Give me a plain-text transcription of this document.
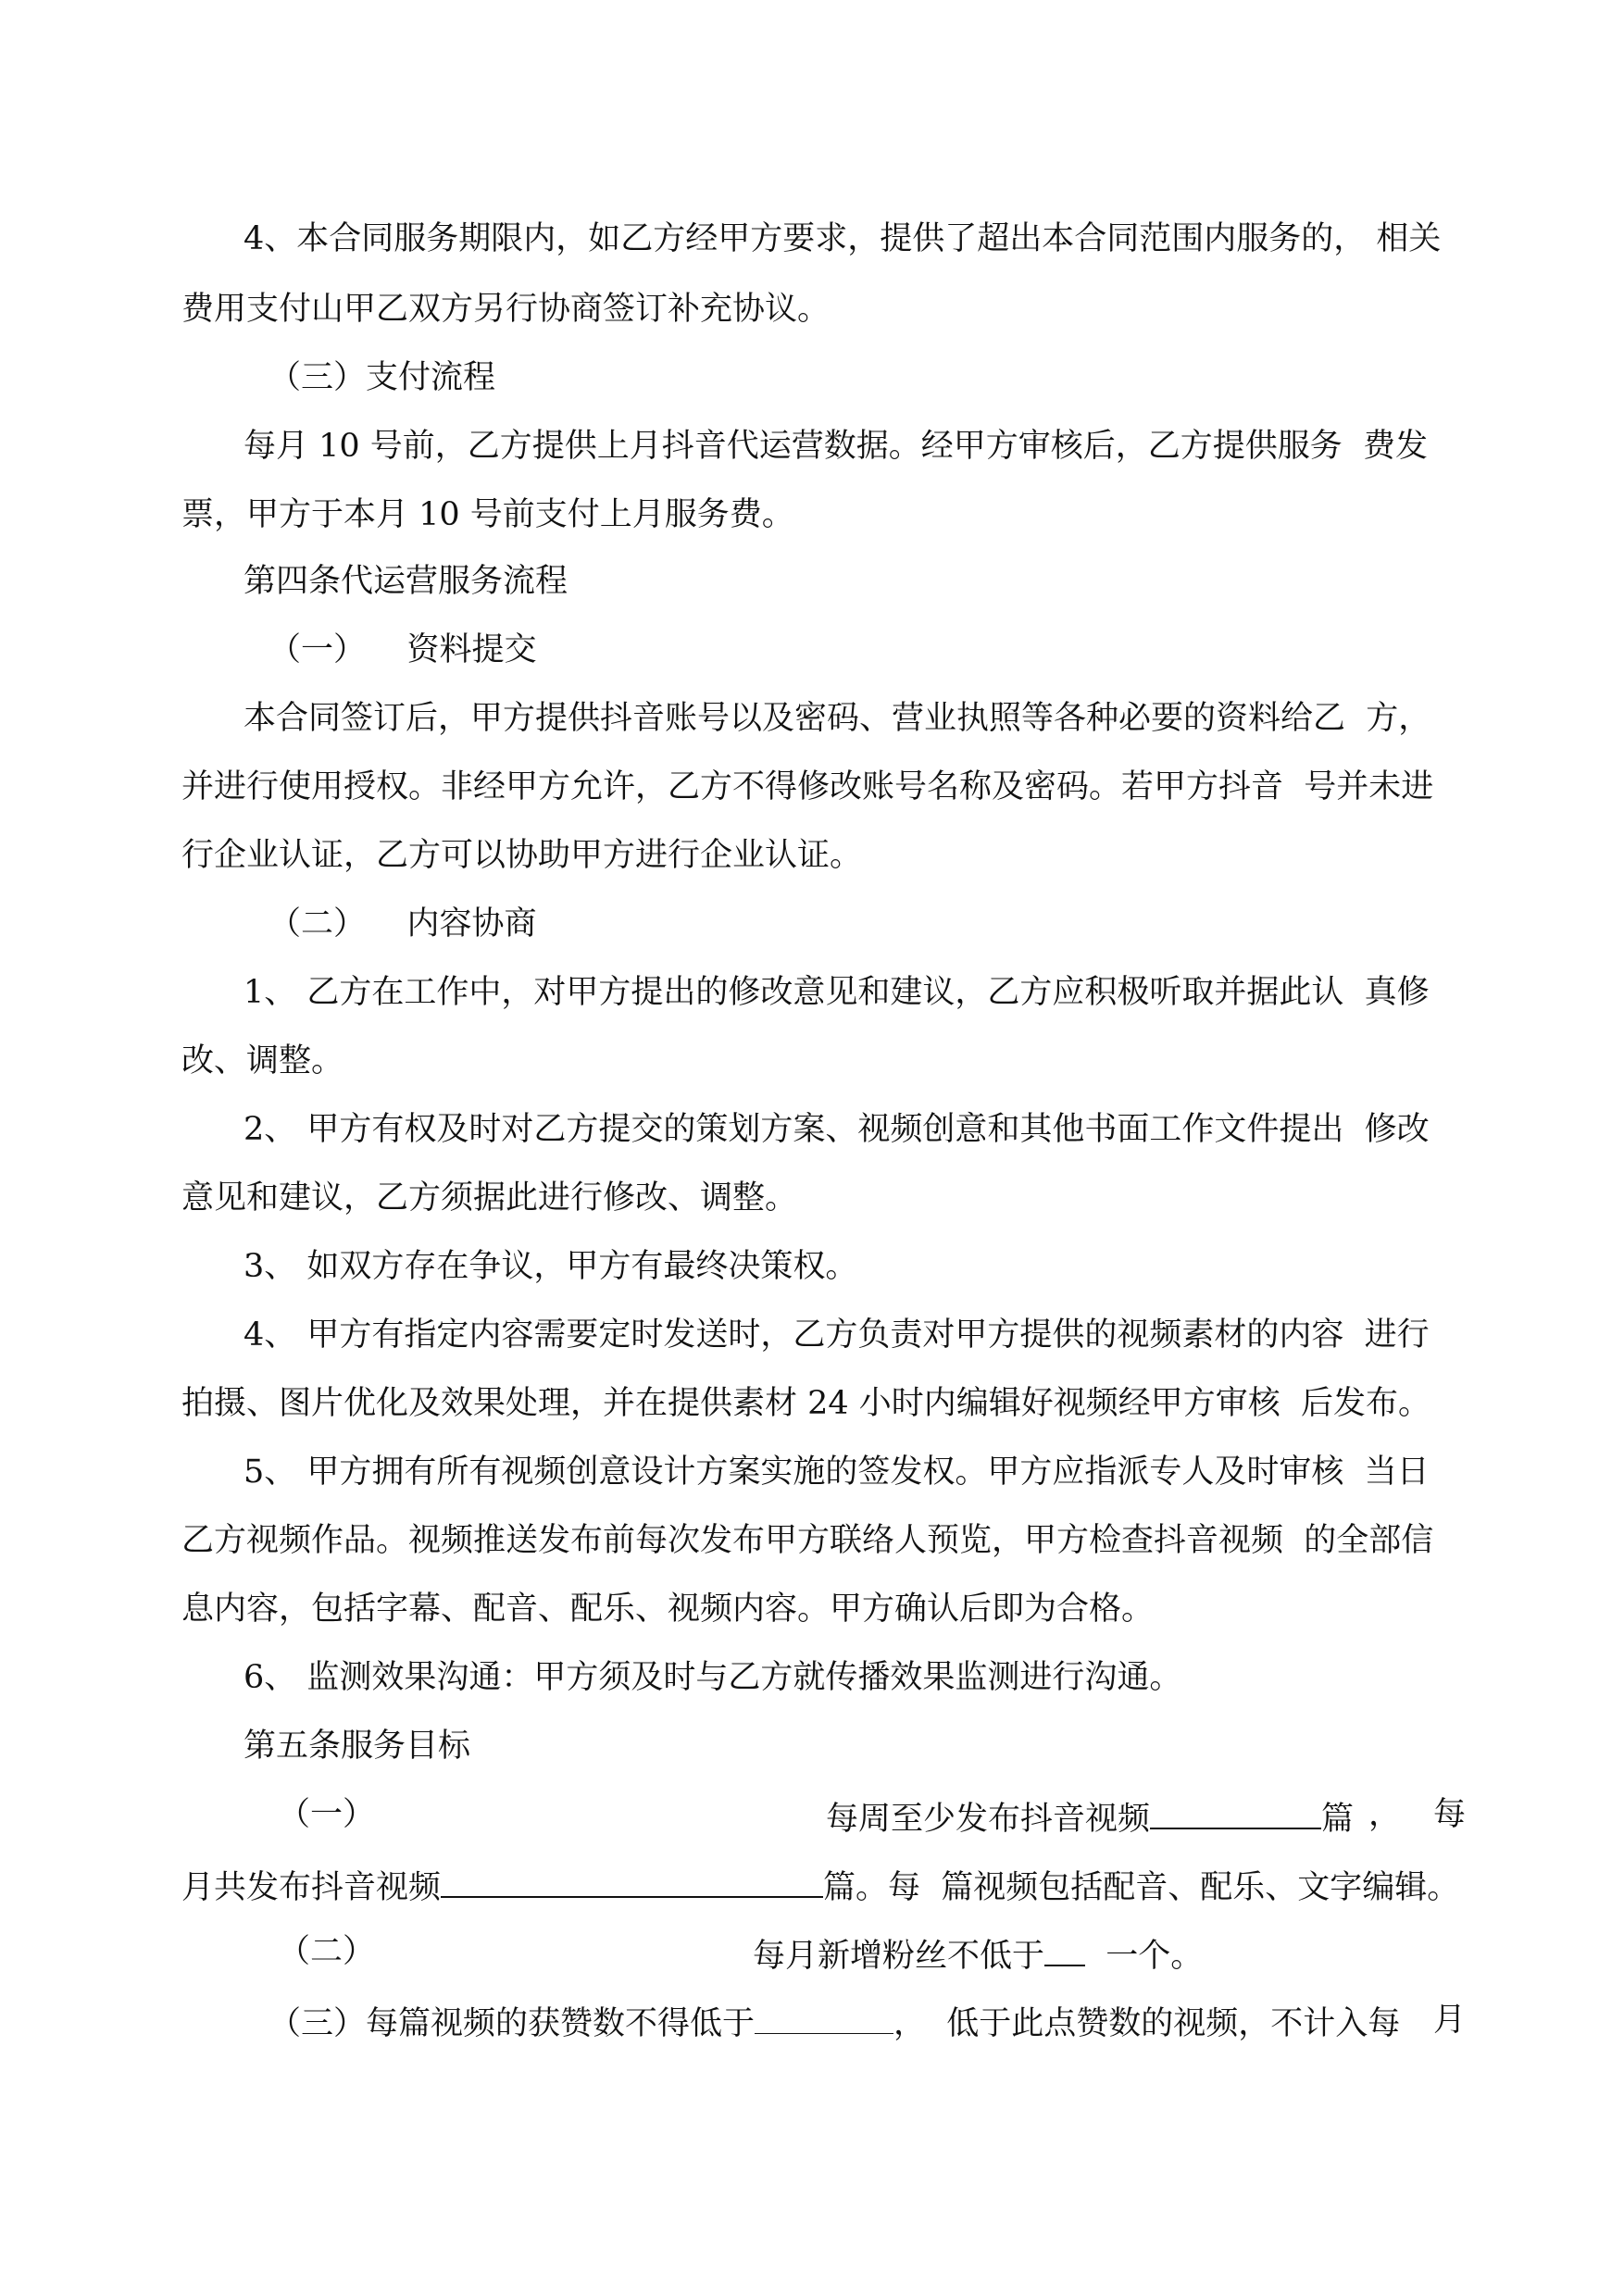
4、本合同服务期限内，如乙方经甲方要求，提供了超出本合同范围内服务的， 相关
费用支付山甲乙双方另行协商签订补充协议。
（三）支付流程
每月 10 号前，乙方提供上月抖音代运营数据。经甲方审核后，乙方提供服务  费发
票，甲方于本月 10 号前支付上月服务费。
第四条代运营服务流程
（一）    资料提交
本合同签订后，甲方提供抖音账号以及密码、营业执照等各种必要的资料给乙  方，
并进行使用授权。非经甲方允许，乙方不得修改账号名称及密码。若甲方抖音  号并未进
行企业认证，乙方可以协助甲方进行企业认证。
（二）    内容协商
1、 乙方在工作中，对甲方提出的修改意见和建议，乙方应积极听取并据此认  真修
改、调整。
2、 甲方有权及时对乙方提交的策划方案、视频创意和其他书面工作文件提出  修改
意见和建议，乙方须据此进行修改、调整。
3、 如双方存在争议，甲方有最终决策权。
4、 甲方有指定内容需要定时发送时，乙方负责对甲方提供的视频素材的内容  进行
拍摄、图片优化及效果处理，并在提供素材 24 小时内编辑好视频经甲方审核  后发布。
5、 甲方拥有所有视频创意设计方案实施的签发权。甲方应指派专人及时审核  当日
乙方视频作品。视频推送发布前每次发布甲方联络人预览，甲方检查抖音视频  的全部信
息内容，包括字幕、配音、配乐、视频内容。甲方确认后即为合格。
6、 监测效果沟通：甲方须及时与乙方就传播效果监测进行沟通。
第五条服务目标
（一）	每周至少发布抖音视频	篇 ， 每
月共发布抖音视频	篇。每  篇视频包括配音、配乐、文字编辑。
（二）	每月新增粉丝不低于  一个。
（三）每篇视频的获赞数不得低于	，  低于此点赞数的视频，不计入每 月
